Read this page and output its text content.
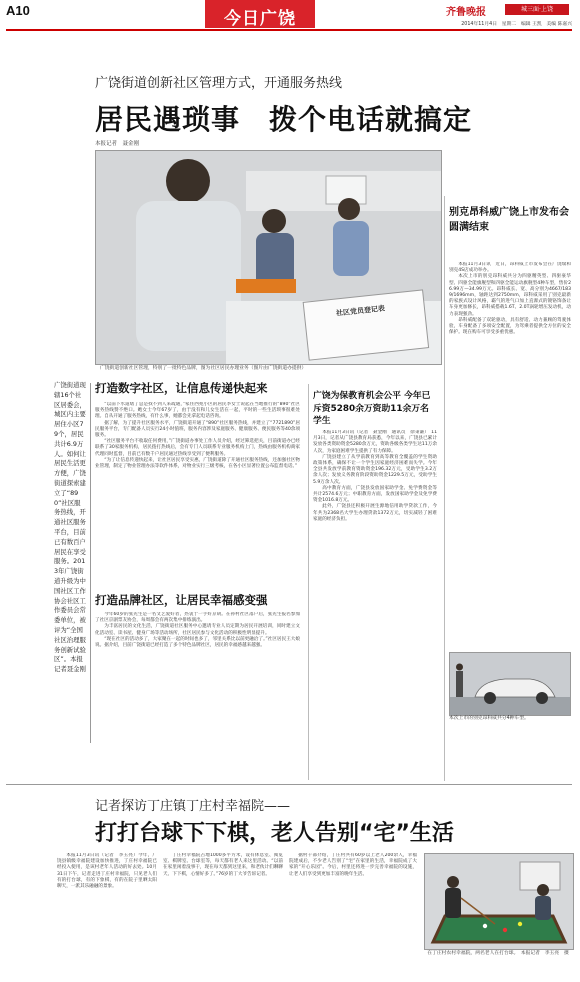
A10	今日广饶	齐鲁晚报	城三面·上饶
2014年11月4日　星期二　编辑 王凯　美编 陈嘉兴
广饶街道创新社区管理方式，开通服务热线
居民遇琐事　拨个电话就搞定
本报记者　聂金刚
社区党员登记表
广饶街道创新社区管理，特别了一批特色品牌，图为社区居民办理业务（图片由广饶街道办提供）
广饶街道现辖16个社区居委会，城区内主要居住小区79个，居民共计6.9万人。如何让居民生活更方便，广饶街道探索建立了“890”社区服务热线，开通社区服务平台，目前已有数百户居民在享受服务。2013年广饶街道升级为中国社区工作协会社区工作委员会常委单位，被评为“全国社区治理服务创新试验区”。本报记者聂金刚
打造数字社区，让信息传递快起来

“以前下水道堵了总是找不到人来疏通，”家住西苑小区的居民李女士说起在当地推行的“890”社区服务热线赞不绝口。她女士今年67岁了，由于没有和儿女生活在一起，平时的一些生活琐事很难处理。自从开通了服务热线，有什么事，她都会先拿起电话咨询。

据了解，为了提升社区服务水平，广饶街道开通了“890”社区服务热线，并建立了“7721890”居民服务平台，专门配备人员实行24小时值班，服务内容涉及家庭服务、健康服务、便民服务等40余项服务。

“社区服务平台不收取任何费用，”广饶街道办事处工作人员介绍，经过筛选把关，目前街道办已经联系了30家服务机构，居民拨打热线后，会有专门人员联系专业服务机构上门，热线由服务机构商家代理同时监督，目前已有数千户居民通过热线享受到了便利服务。

“为了让信息传递快起来，让社区居民享受实惠，广饶街道除了开通社区服务热线，还加强社区物业管理，制定了物业管理办法等软件体系，对物业实行三级考核，在各小区显著位置公布监督电话。”

打造品牌社区，让居民幸福感变强

今年60岁的张先生是一名文艺爱好者，热衷于一手好京胡。在孙村社区落户后，张先生报名参加了社区京剧票友协会，每周都会有两次集中排练演出。

为丰富居民的文化生活，广饶街道社区服务中心邀请专业人员定期为居民开展培训，同时建立文化活动室、读书屋、健身广场等活动场所，社区居民参与文化活动的积极性明显提升。

“现在社区的活动多了，大家聚在一起的时间也多了，邻里关系比以前更融洽了。”社区居民王大娘说。据介绍，目前广饶街道已经打造了多个特色品牌社区，居民的幸福感越来越强。

广饶为保教育机会公平 今年已斥资5280余万资助11余万名学生

本报11月3日讯（记者　聂金刚　通讯员　徐秉谦）　11月3日，记者从广饶县教育局获悉，今年以来，广饶县已累计发放各类资助资金5280余万元，资助各级各类学生达11万余人次，为家庭困难学生提供了有力保障。

广饶县建立了从学前教育到高等教育全覆盖的学生资助政策体系，确保不让一个学生因家庭经济困难而失学。今年全县共发放学前教育资助资金196.32万元，受助学生3.2万余人次；发放义务教育阶段资助资金1229.5万元，受助学生5.9万余人次。

高中教育方面，广饶县发放国家助学金、免学费资金等共计2574.6万元；中职教育方面，发放国家助学金及免学费资金1016.8万元。

此外，广饶县还积极开展生源地信用助学贷款工作，今年共为2368名大学生办理贷款1372万元，切实减轻了困难家庭的经济负担。

别克昂科威广饶上市发布会圆满结束

本报11月3日讯　近日，昂科威上市发布会在广饶瑞和别克4S店成功举办。

本次上市的别克昂科威共分为四驱精英型、四驱豪华型、四驱全能旗舰型和四驱全能运动旗舰型4种车型，售价26.99万—34.99万元。昂科威长、宽、高分别为4667/1839/1696mm，轴距达到2750mm，昂科威采用了别克最新的家族式设计风格，霸气的进气口加上直瀑式的镀铬饰条让车身更加修长，昂科威搭载1.6T、2.0T涡轮增压发动机，动力表现强劲。

昂科威配备了双轮驱动，具有舒适、动力兼顾的驾驶体验，车身配备了多项安全配置，为驾乘者提供全方位的安全保护。现在购车可享受多重优惠。

本次上市的别克昂科威共分4种车型。
记者探访丁庄镇丁庄村幸福院——
打打台球下下棋，老人告别“宅”生活
本报11月3日讯（记者　李玉亮）今年，广饶县镇级幸福院建设加快推进，丁庄村幸福院已经投入使用，是该村老年人活动的好去处。10月31日下午，记者走进丁庄村幸福院，只见老人们有的打台球，有的下象棋，有的在院子里晒太阳聊天，一派其乐融融的景象。
丁庄村幸福院占地1000多平方米，设有休息室、阅览室、棋牌室、台球室等，每天都有老人来这里活动。“以前在家里闲着没事干，现在每天都到这里来，和老伙计们聊聊天、下下棋，心情好多了。”76岁的丁大爷告诉记者。
据村干部介绍，丁庄村共有60岁以上老人200余人，幸福院建成后，不少老人告别了“宅”在家里的生活，幸福院成了大家的“开心乐园”。今后，村里还将进一步完善幸福院的设施，让老人们享受到更加丰富的晚年生活。
在丁庄村农村幸福院，两名老人在打台球。　本报记者　李玉亮　摄
